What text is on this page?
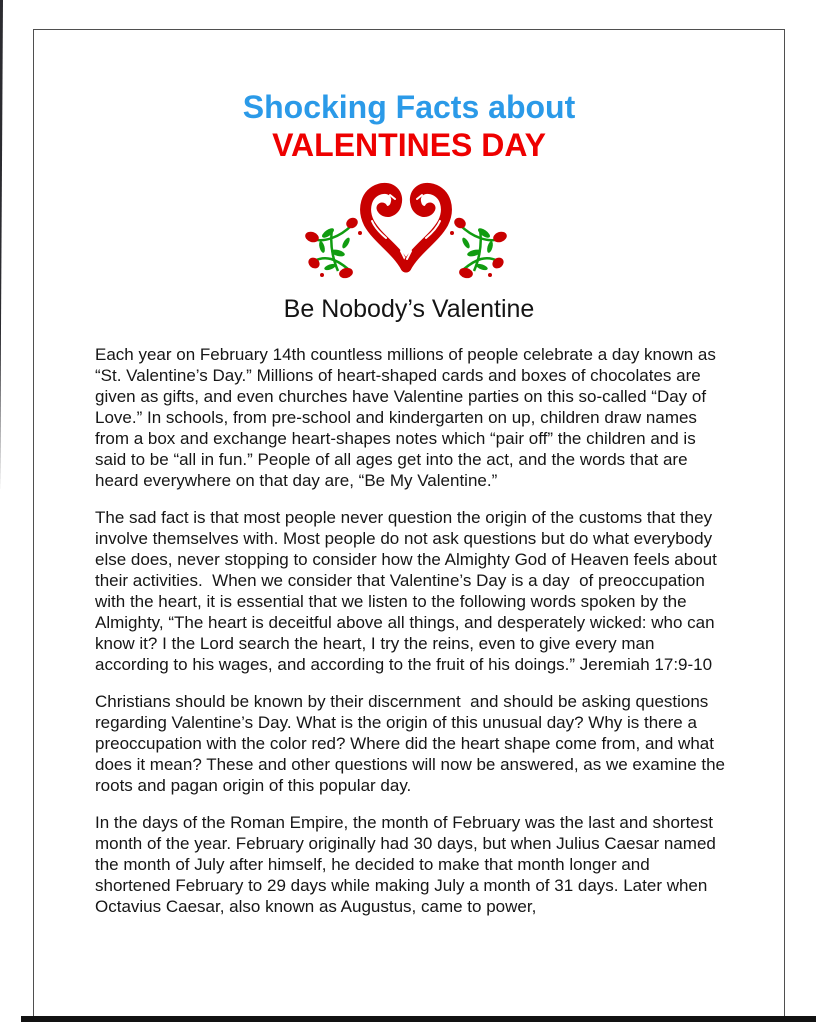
Shocking Facts about
VALENTINES DAY
Be Nobody’s Valentine

Each year on February 14th countless millions of people celebrate a day known as “St. Valentine’s Day.” Millions of heart-shaped cards and boxes of chocolates are given as gifts, and even churches have Valentine parties on this so-called “Day of Love.” In schools, from pre-school and kindergarten on up, children draw names from a box and exchange heart-shapes notes which “pair off” the children and is said to be “all in fun.” People of all ages get into the act, and the words that are heard everywhere on that day are, “Be My Valentine.”

The sad fact is that most people never question the origin of the customs that they involve themselves with. Most people do not ask questions but do what everybody else does, never stopping to consider how the Almighty God of Heaven feels about their activities.  When we consider that Valentine’s Day is a day  of preoccupation with the heart, it is essential that we listen to the following words spoken by the Almighty, “The heart is deceitful above all things, and desperately wicked: who can know it? I the Lord search the heart, I try the reins, even to give every man according to his wages, and according to the fruit of his doings.” Jeremiah 17:9-10

Christians should be known by their discernment  and should be asking questions regarding Valentine’s Day. What is the origin of this unusual day? Why is there a preoccupation with the color red? Where did the heart shape come from, and what does it mean? These and other questions will now be answered, as we examine the roots and pagan origin of this popular day.

In the days of the Roman Empire, the month of February was the last and shortest month of the year. February originally had 30 days, but when Julius Caesar named the month of July after himself, he decided to make that month longer and shortened February to 29 days while making July a month of 31 days. Later when Octavius Caesar, also known as Augustus, came to power,
